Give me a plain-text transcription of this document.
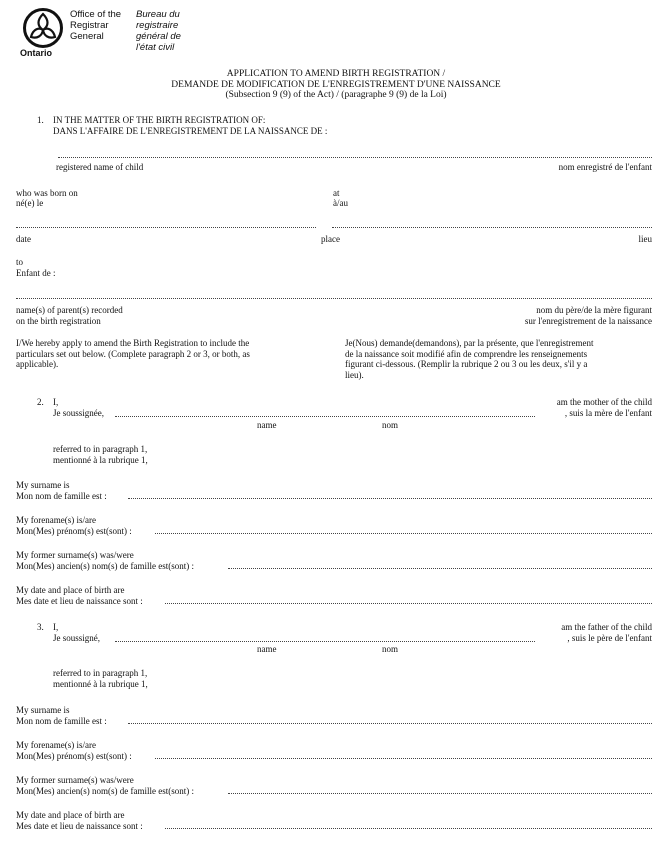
Ontario
Office of the
Registrar
General
Bureau du
registraire
général de
l'état civil
APPLICATION TO AMEND BIRTH REGISTRATION /
DEMANDE DE MODIFICATION DE L'ENREGISTREMENT D'UNE NAISSANCE
(Subsection 9 (9) of the Act) / (paragraphe 9 (9) de la Loi)
1. IN THE MATTER OF THE BIRTH REGISTRATION OF:
DANS L'AFFAIRE DE L'ENREGISTREMENT DE LA NAISSANCE DE :
registered name of child	nom enregistré de l'enfant
who was born on
né(e) le
at
à/au
date	place	lieu
to
Enfant de :
name(s) of parent(s) recorded
on the birth registration
nom du père/de la mère figurant
sur l'enregistrement de la naissance
I/We hereby apply to amend the Birth Registration to include the
particulars set out below. (Complete paragraph 2 or 3, or both, as
applicable).
Je(Nous) demande(demandons), par la présente, que l'enregistrement
de la naissance soit modifié afin de comprendre les renseignements
figurant ci-dessous. (Remplir la rubrique 2 ou 3 ou les deux, s'il y a
lieu).
2. I,	am the mother of the child
Je soussignée,	, suis la mère de l'enfant
name	nom
referred to in paragraph 1,
mentionné à la rubrique 1,
My surname is
Mon nom de famille est :
My forename(s) is/are
Mon(Mes) prénom(s) est(sont) :
My former surname(s) was/were
Mon(Mes) ancien(s) nom(s) de famille est(sont) :
My date and place of birth are
Mes date et lieu de naissance sont :
3. I,	am the father of the child
Je soussigné,	, suis le père de l'enfant
name	nom
referred to in paragraph 1,
mentionné à la rubrique 1,
My surname is
Mon nom de famille est :
My forename(s) is/are
Mon(Mes) prénom(s) est(sont) :
My former surname(s) was/were
Mon(Mes) ancien(s) nom(s) de famille est(sont) :
My date and place of birth are
Mes date et lieu de naissance sont :
